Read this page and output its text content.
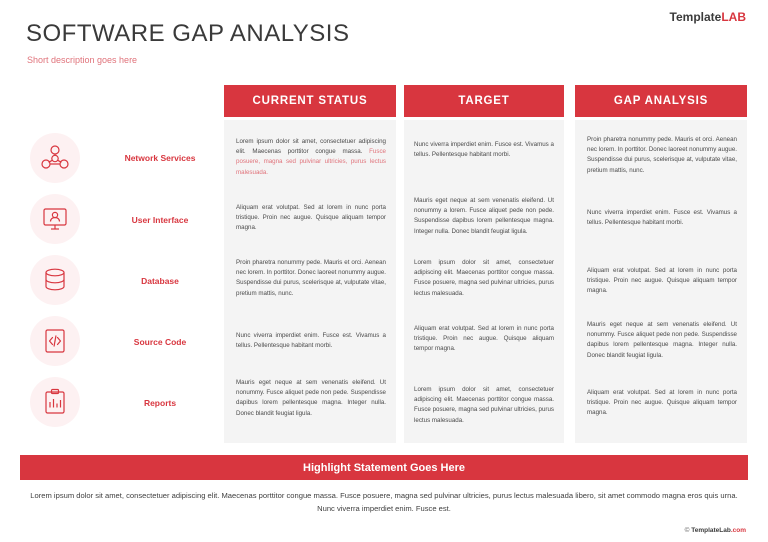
TemplateLAB
SOFTWARE GAP ANALYSIS
Short description goes here
CURRENT STATUS	TARGET	GAP ANALYSIS
Network Services
Lorem ipsum dolor sit amet, consectetuer adipiscing elit. Maecenas porttitor congue massa. Fusce posuere, magna sed pulvinar ultricies, purus lectus malesuada.
Nunc viverra imperdiet enim. Fusce est. Vivamus a tellus. Pellentesque habitant morbi.
Proin pharetra nonummy pede. Mauris et orci. Aenean nec lorem. In porttitor. Donec laoreet nonummy augue. Suspendisse dui purus, scelerisque at, vulputate vitae, pretium mattis, nunc.
User Interface
Aliquam erat volutpat. Sed at lorem in nunc porta tristique. Proin nec augue. Quisque aliquam tempor magna.
Mauris eget neque at sem venenatis eleifend. Ut nonummy a lorem. Fusce aliquet pede non pede. Suspendisse dapibus lorem pellentesque magna. Integer nulla. Donec blandit feugiat ligula.
Nunc viverra imperdiet enim. Fusce est. Vivamus a tellus. Pellentesque habitant morbi.
Database
Proin pharetra nonummy pede. Mauris et orci. Aenean nec lorem. In porttitor. Donec laoreet nonummy augue. Suspendisse dui purus, scelerisque at, vulputate vitae, pretium mattis, nunc.
Lorem ipsum dolor sit amet, consectetuer adipiscing elit. Maecenas porttitor congue massa. Fusce posuere, magna sed pulvinar ultricies, purus lectus malesuada.
Aliquam erat volutpat. Sed at lorem in nunc porta tristique. Proin nec augue. Quisque aliquam tempor magna.
Source Code
Nunc viverra imperdiet enim. Fusce est. Vivamus a tellus. Pellentesque habitant morbi.
Aliquam erat volutpat. Sed at lorem in nunc porta tristique. Proin nec augue. Quisque aliquam tempor magna.
Mauris eget neque at sem venenatis eleifend. Ut nonummy. Fusce aliquet pede non pede. Suspendisse dapibus lorem pellentesque magna. Integer nulla. Donec blandit feugiat ligula.
Reports
Mauris eget neque at sem venenatis eleifend. Ut nonummy. Fusce aliquet pede non pede. Suspendisse dapibus lorem pellentesque magna. Integer nulla. Donec blandit feugiat ligula.
Lorem ipsum dolor sit amet, consectetuer adipiscing elit. Maecenas porttitor congue massa. Fusce posuere, magna sed pulvinar ultricies, purus lectus malesuada.
Aliquam erat volutpat. Sed at lorem in nunc porta tristique. Proin nec augue. Quisque aliquam tempor magna.
Highlight Statement Goes Here
Lorem ipsum dolor sit amet, consectetuer adipiscing elit. Maecenas porttitor congue massa. Fusce posuere, magna sed pulvinar ultricies, purus lectus malesuada libero, sit amet commodo magna eros quis urna. Nunc viverra imperdiet enim. Fusce est.
© TemplateLab.com
